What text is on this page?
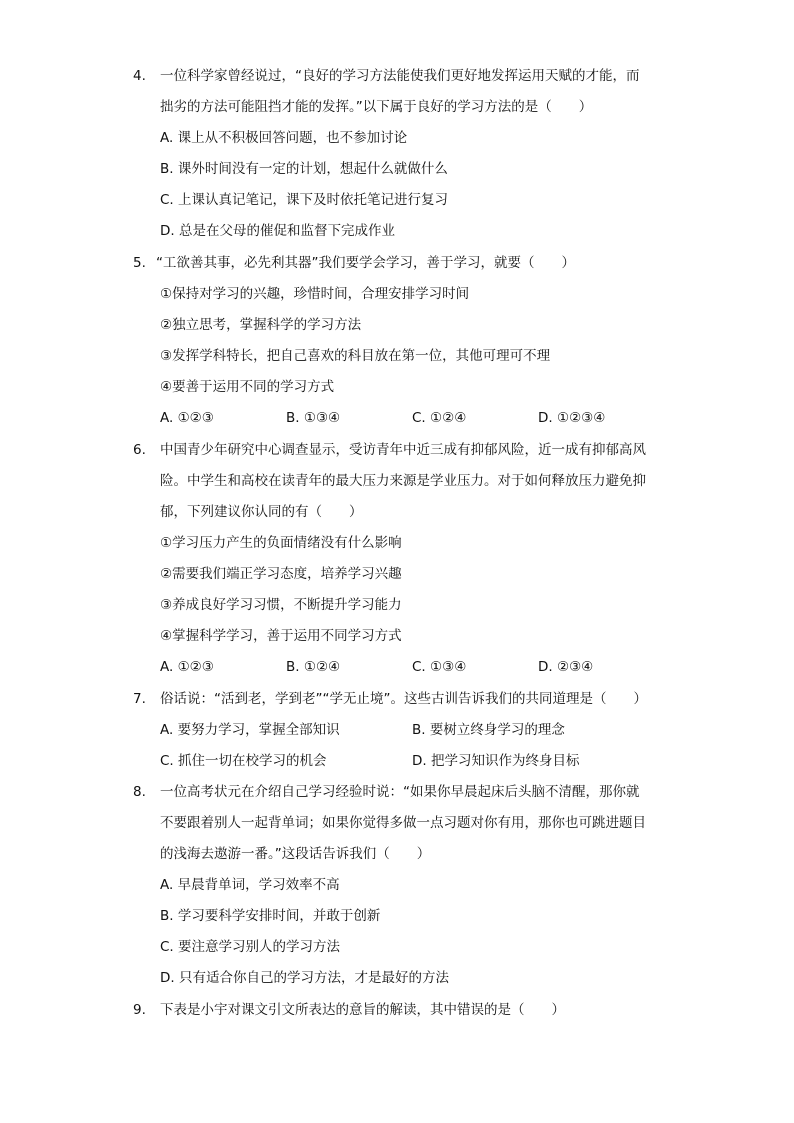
4.	一位科学家曾经说过，“良好的学习方法能使我们更好地发挥运用天赋的才能，而
拙劣的方法可能阻挡才能的发挥。”以下属于良好的学习方法的是（　　）
A. 课上从不积极回答问题，也不参加讨论
B. 课外时间没有一定的计划，想起什么就做什么
C. 上课认真记笔记，课下及时依托笔记进行复习
D. 总是在父母的催促和监督下完成作业
5. “工欲善其事，必先利其器”我们要学会学习，善于学习，就要（　　）
①保持对学习的兴趣，珍惜时间，合理安排学习时间
②独立思考，掌握科学的学习方法
③发挥学科特长，把自己喜欢的科目放在第一位，其他可理可不理
④要善于运用不同的学习方式
A. ①②③	B. ①③④	C. ①②④	D. ①②③④
6.	中国青少年研究中心调查显示，受访青年中近三成有抑郁风险，近一成有抑郁高风
险。中学生和高校在读青年的最大压力来源是学业压力。对于如何释放压力避免抑
郁，下列建议你认同的有（　　）
①学习压力产生的负面情绪没有什么影响
②需要我们端正学习态度，培养学习兴趣
③养成良好学习习惯，不断提升学习能力
④掌握科学学习，善于运用不同学习方式
A. ①②③	B. ①②④	C. ①③④	D. ②③④
7.	俗话说：“活到老，学到老”“学无止境”。这些古训告诉我们的共同道理是（　　）
A. 要努力学习，掌握全部知识	B. 要树立终身学习的理念
C. 抓住一切在校学习的机会	D. 把学习知识作为终身目标
8.	一位高考状元在介绍自己学习经验时说：“如果你早晨起床后头脑不清醒，那你就
不要跟着别人一起背单词；如果你觉得多做一点习题对你有用，那你也可跳进题目
的浅海去遨游一番。”这段话告诉我们（　　）
A. 早晨背单词，学习效率不高
B. 学习要科学安排时间，并敢于创新
C. 要注意学习别人的学习方法
D. 只有适合你自己的学习方法，才是最好的方法
9.	下表是小宇对课文引文所表达的意旨的解读，其中错误的是（　　）
